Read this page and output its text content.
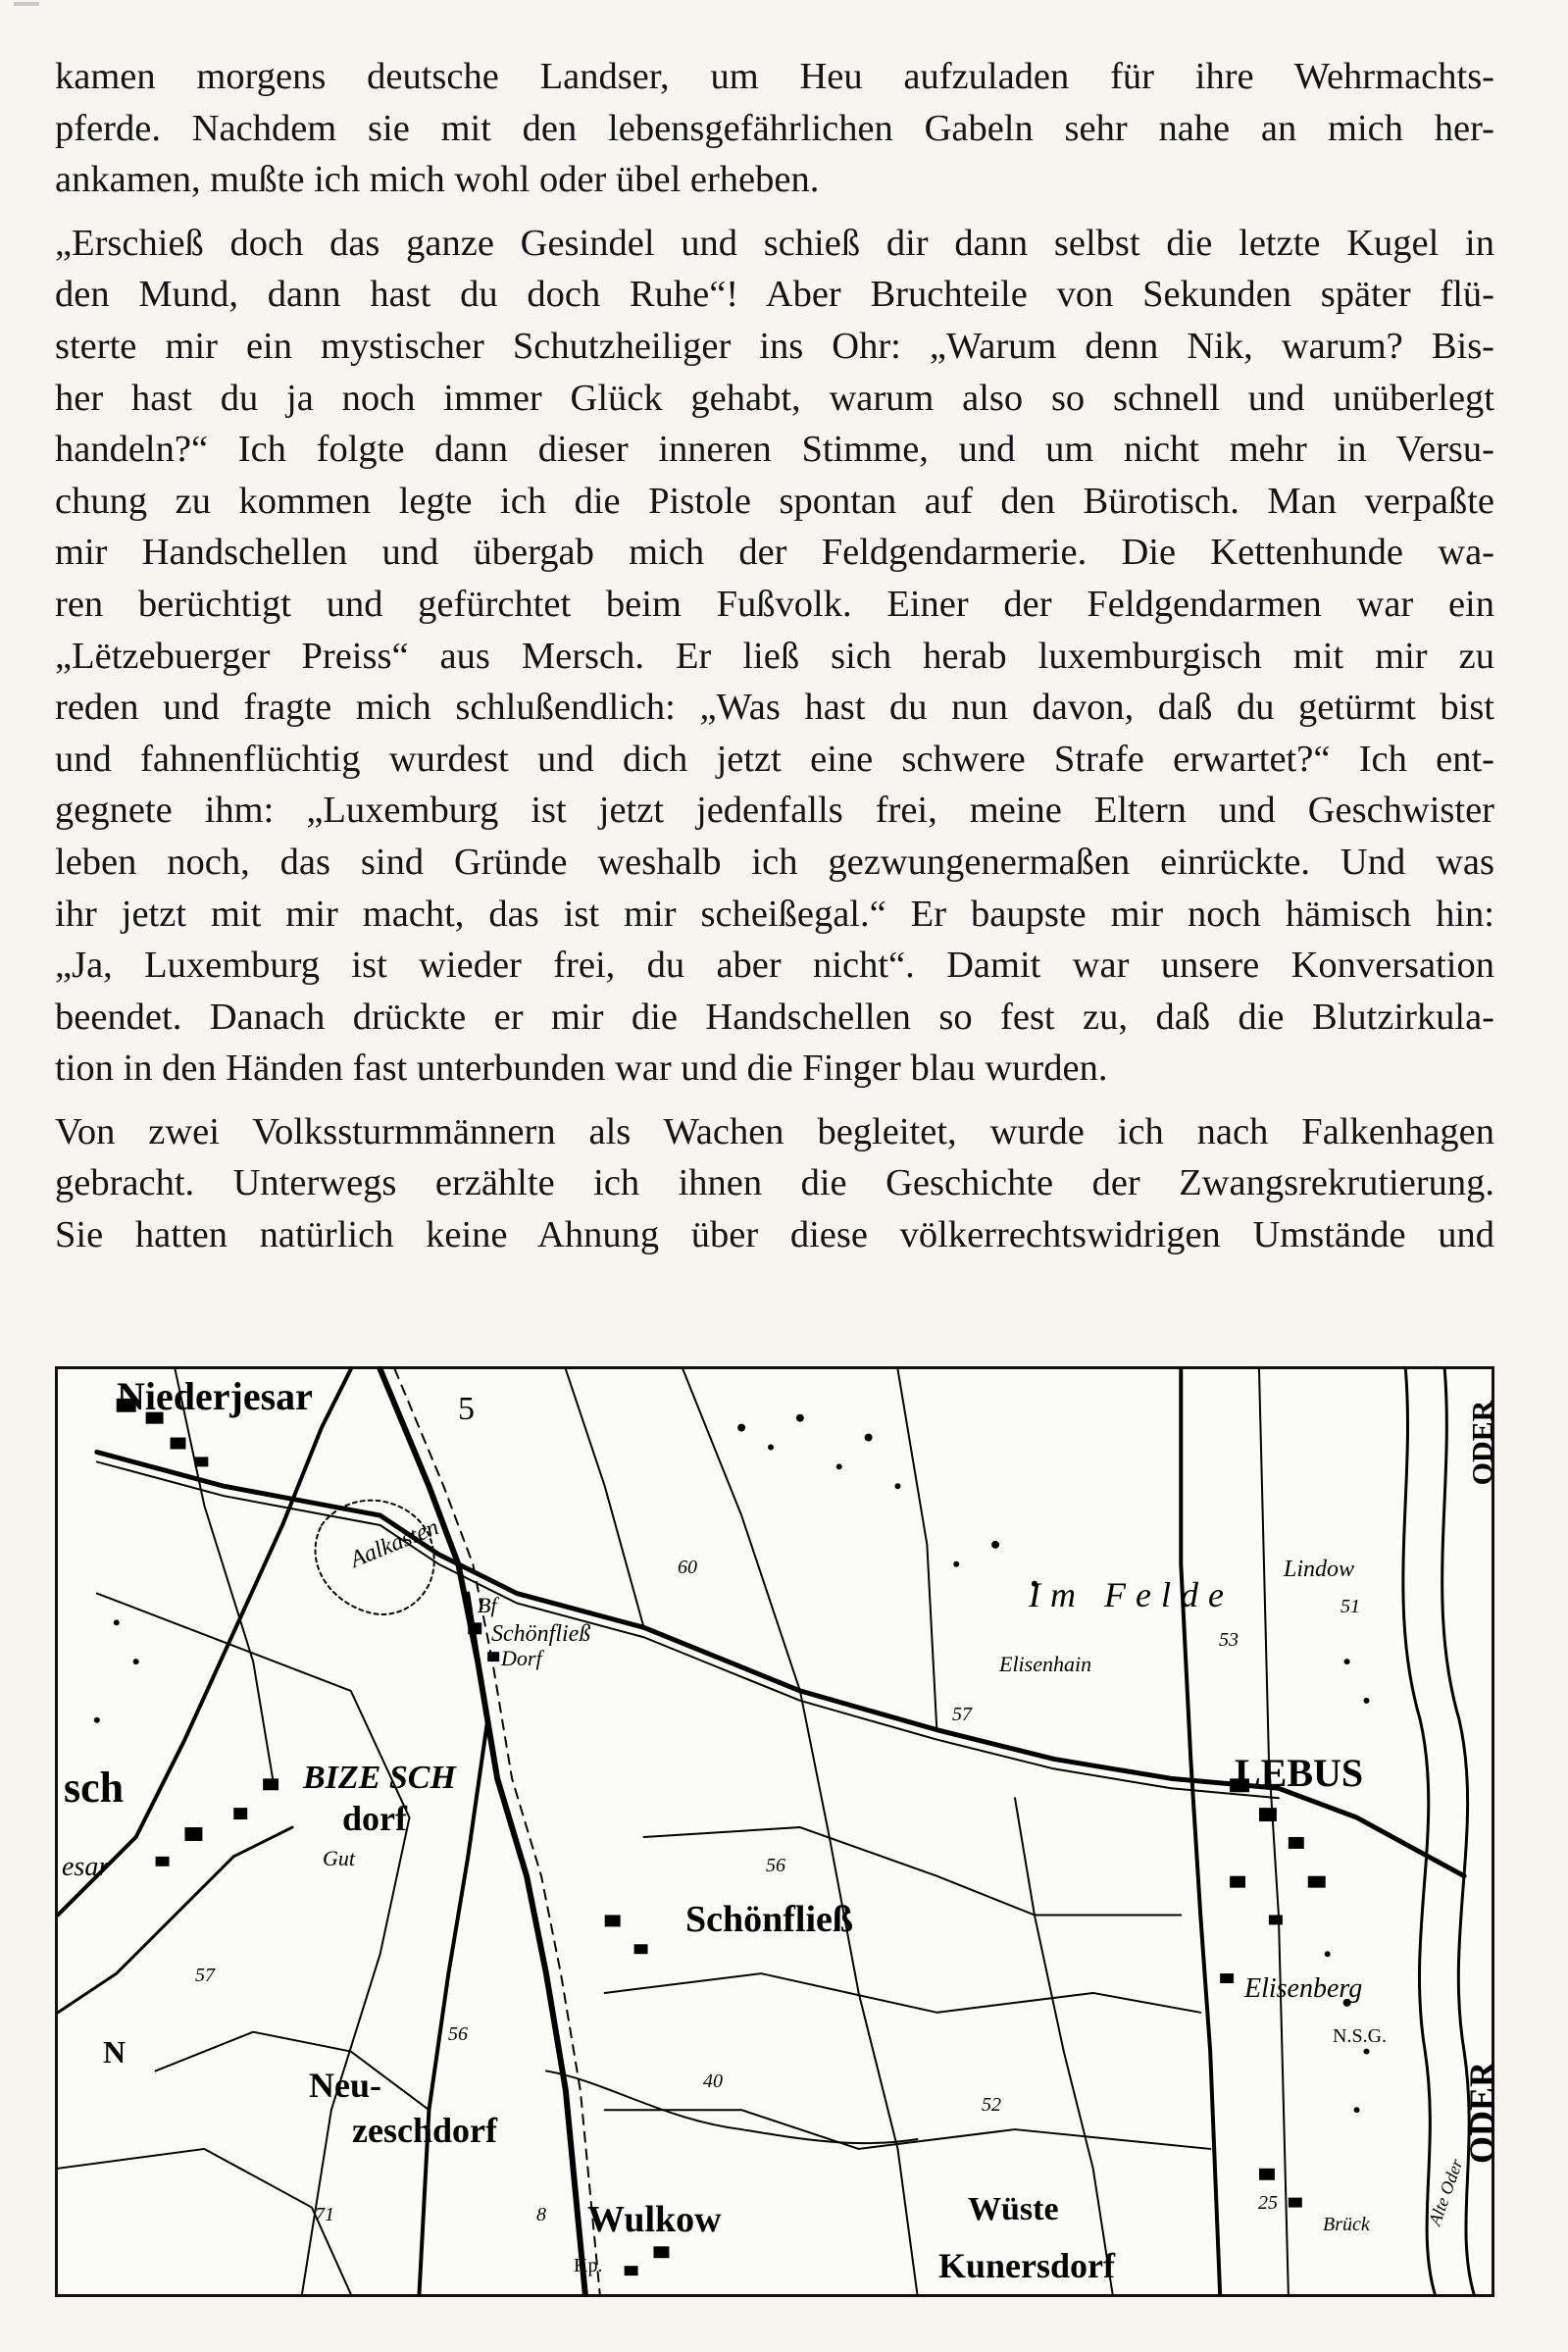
kamen morgens deutsche Landser, um Heu aufzuladen für ihre Wehrmachts-
pferde. Nachdem sie mit den lebensgefährlichen Gabeln sehr nahe an mich her-
ankamen, mußte ich mich wohl oder übel erheben.

„Erschieß doch das ganze Gesindel und schieß dir dann selbst die letzte Kugel in
den Mund, dann hast du doch Ruhe“! Aber Bruchteile von Sekunden später flü-
sterte mir ein mystischer Schutzheiliger ins Ohr: „Warum denn Nik, warum? Bis-
her hast du ja noch immer Glück gehabt, warum also so schnell und unüberlegt
handeln?“ Ich folgte dann dieser inneren Stimme, und um nicht mehr in Versu-
chung zu kommen legte ich die Pistole spontan auf den Bürotisch. Man verpaßte
mir Handschellen und übergab mich der Feldgendarmerie. Die Kettenhunde wa-
ren berüchtigt und gefürchtet beim Fußvolk. Einer der Feldgendarmen war ein
„Lëtzebuerger Preiss“ aus Mersch. Er ließ sich herab luxemburgisch mit mir zu
reden und fragte mich schlußendlich: „Was hast du nun davon, daß du getürmt bist
und fahnenflüchtig wurdest und dich jetzt eine schwere Strafe erwartet?“ Ich ent-
gegnete ihm: „Luxemburg ist jetzt jedenfalls frei, meine Eltern und Geschwister
leben noch, das sind Gründe weshalb ich gezwungenermaßen einrückte. Und was
ihr jetzt mit mir macht, das ist mir scheißegal.“ Er baupste mir noch hämisch hin:
„Ja, Luxemburg ist wieder frei, du aber nicht“. Damit war unsere Konversation
beendet. Danach drückte er mir die Handschellen so fest zu, daß die Blutzirkula-
tion in den Händen fast unterbunden war und die Finger blau wurden.

Von zwei Volkssturmmännern als Wachen begleitet, wurde ich nach Falkenhagen
gebracht. Unterwegs erzählte ich ihnen die Geschichte der Zwangsrekrutierung.
Sie hatten natürlich keine Ahnung über diese völkerrechtswidrigen Umstände und

Niederjesar	5
Aalkasten
Bf
Schönfließ
Dorf
Im Felde
Elisenhain
Lindow
LEBUS
ODER
ODER
sch	BIZE SCH
dorf
esar	Gut
Schönfließ
Elisenberg
N.S.G.
N
Neu-
zeschdorf
Wulkow
Kp.
Wüste
Kunersdorf
Alte Oder
Brück
60
57
56
40
56
52
57
51
53
25
71	8
